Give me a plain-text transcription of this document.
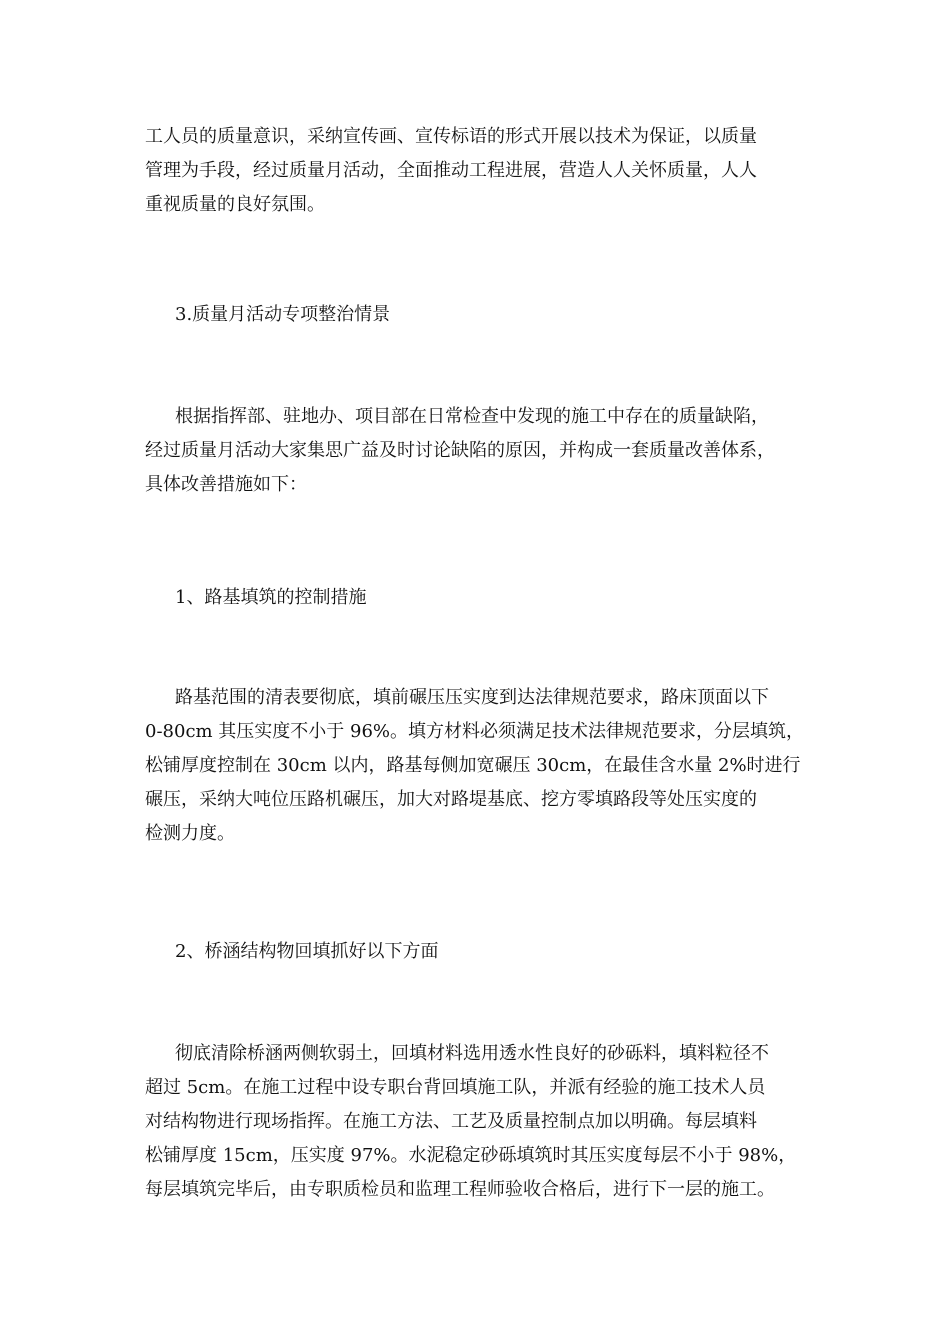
工人员的质量意识，采纳宣传画、宣传标语的形式开展以技术为保证，以质量
管理为手段，经过质量月活动，全面推动工程进展，营造人人关怀质量，人人
重视质量的良好氛围。
3.质量月活动专项整治情景
根据指挥部、驻地办、项目部在日常检查中发现的施工中存在的质量缺陷，
经过质量月活动大家集思广益及时讨论缺陷的原因，并构成一套质量改善体系，
具体改善措施如下：
1、路基填筑的控制措施
路基范围的清表要彻底，填前碾压压实度到达法律规范要求，路床顶面以下
0-80cm 其压实度不小于 96%。填方材料必须满足技术法律规范要求，分层填筑，
松铺厚度控制在 30cm 以内，路基每侧加宽碾压 30cm，在最佳含水量 2%时进行
碾压，采纳大吨位压路机碾压，加大对路堤基底、挖方零填路段等处压实度的
检测力度。
2、桥涵结构物回填抓好以下方面
彻底清除桥涵两侧软弱土，回填材料选用透水性良好的砂砾料，填料粒径不
超过 5cm。在施工过程中设专职台背回填施工队，并派有经验的施工技术人员
对结构物进行现场指挥。在施工方法、工艺及质量控制点加以明确。每层填料
松铺厚度 15cm，压实度 97%。水泥稳定砂砾填筑时其压实度每层不小于 98%，
每层填筑完毕后，由专职质检员和监理工程师验收合格后，进行下一层的施工。
